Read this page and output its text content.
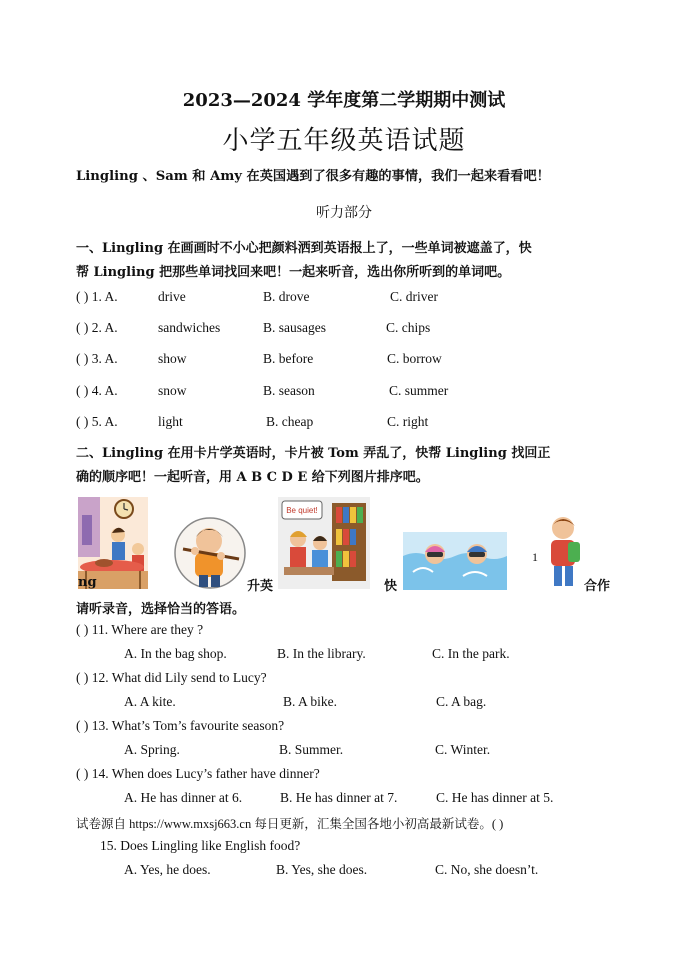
2023—2024 学年度第二学期期中测试
小学五年级英语试题
Lingling 、Sam 和 Amy 在英国遇到了很多有趣的事情，我们一起来看看吧！
听力部分
一、Lingling 在画画时不小心把颜料洒到英语报上了，一些单词被遮盖了，快
帮 Lingling 把那些单词找回来吧！一起来听音，选出你所听到的单词吧。
( ) 1. A.	drive	B. drove	C. driver
( ) 2. A.	sandwiches	B. sausages	C. chips
( ) 3. A.	show	B. before	C. borrow
( ) 4. A.	snow	B. season	C. summer
( ) 5. A.	light	B. cheap	C. right
二、Lingling 在用卡片学英语时，卡片被 Tom 弄乱了，快帮 Lingling 找回正
确的顺序吧！一起听音，用 A B C D E 给下列图片排序吧。
Be quiet!
1
ng	升英	快	合作
请听录音，选择恰当的答语。
( ) 11. Where are they ?
A. In the bag shop.	B. In the library.	C. In the park.
( ) 12. What did Lily send to Lucy?
A. A kite.	B. A bike.	C. A bag.
( ) 13. What’s Tom’s favourite season?
A. Spring.	B. Summer.	C. Winter.
( ) 14. When does Lucy’s father have dinner?
A. He has dinner at 6.	B. He has dinner at 7.	C. He has dinner at 5.
试卷源自 https://www.mxsj663.cn 每日更新，汇集全国各地小初高最新试卷。( )
15. Does Lingling like English food?
A. Yes, he does.	B. Yes, she does.	C. No, she doesn’t.
